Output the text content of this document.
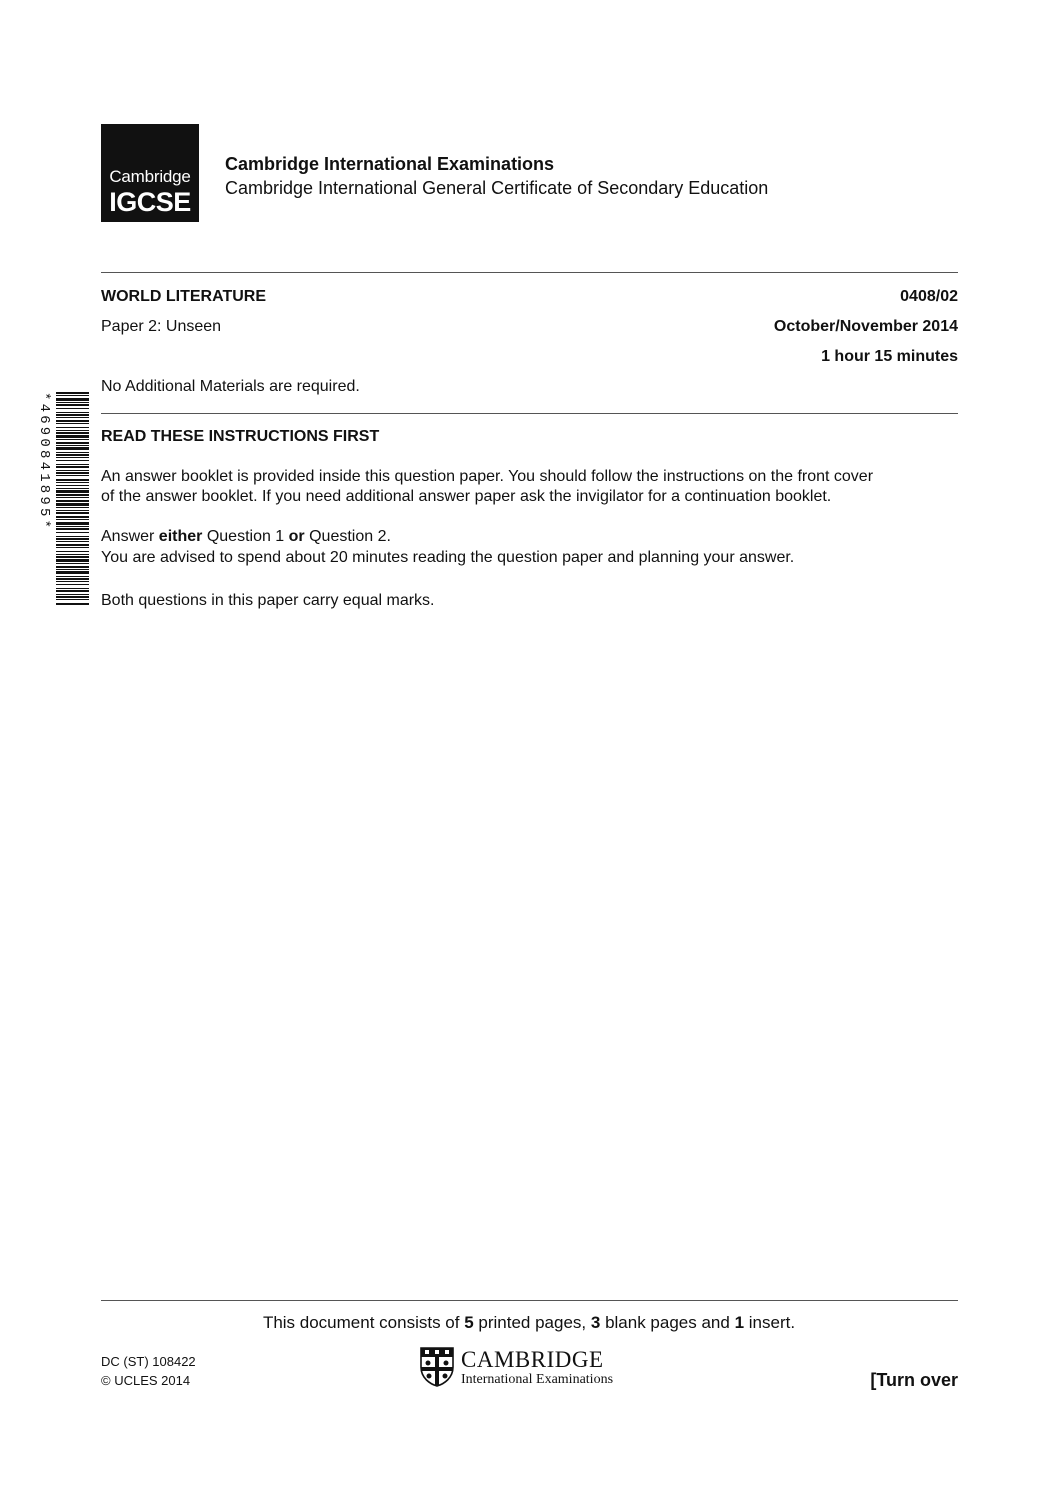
Cambridge
IGCSE
Cambridge International Examinations
Cambridge International General Certificate of Secondary Education
WORLD LITERATURE	0408/02
Paper 2: Unseen	October/November 2014
1 hour 15 minutes
No Additional Materials are required.
*4690841895*	READ THESE INSTRUCTIONS FIRST
An answer booklet is provided inside this question paper. You should follow the instructions on the front cover
of the answer booklet. If you need additional answer paper ask the invigilator for a continuation booklet.
Answer either Question 1 or Question 2.
You are advised to spend about 20 minutes reading the question paper and planning your answer.
Both questions in this paper carry equal marks.
This document consists of 5 printed pages, 3 blank pages and 1 insert.
DC (ST) 108422
© UCLES 2014
CAMBRIDGE
International Examinations	[Turn over
